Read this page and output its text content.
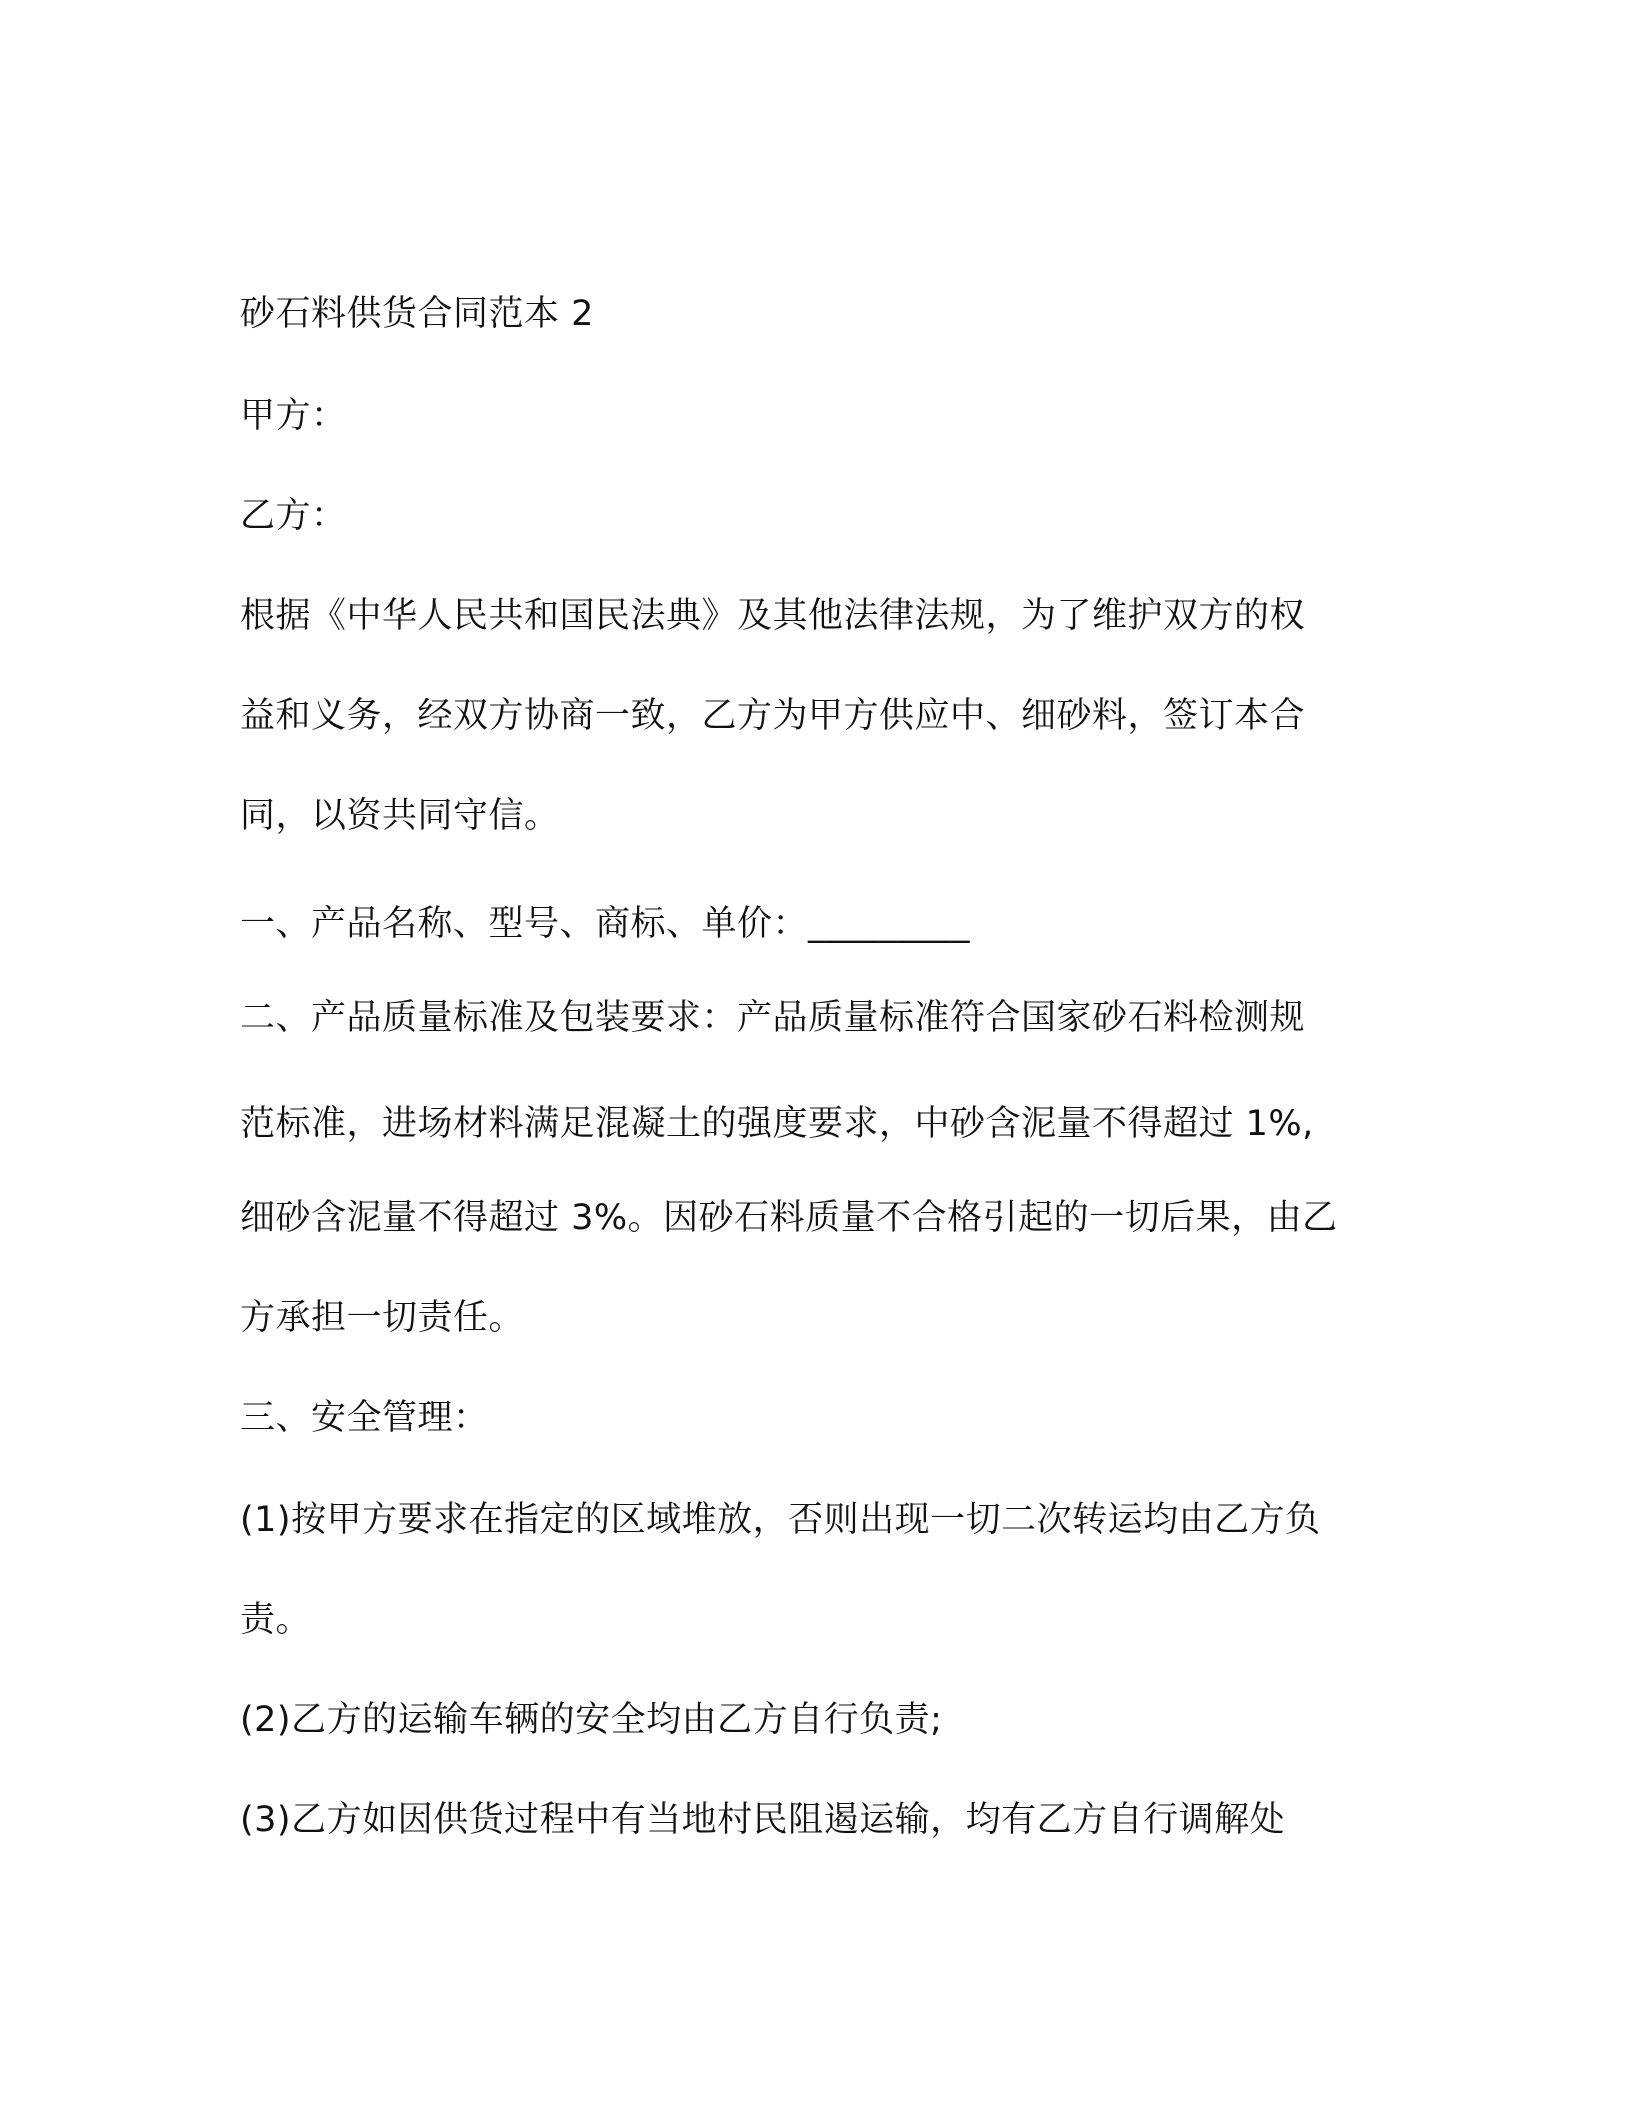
砂石料供货合同范本 2
甲方：
乙方：
根据《中华人民共和国民法典》及其他法律法规，为了维护双方的权
益和义务，经双方协商一致，乙方为甲方供应中、细砂料，签订本合
同，以资共同守信。
一、产品名称、型号、商标、单价：_________
二、产品质量标准及包装要求：产品质量标准符合国家砂石料检测规
范标准，进场材料满足混凝土的强度要求，中砂含泥量不得超过 1%,
细砂含泥量不得超过 3%。因砂石料质量不合格引起的一切后果，由乙
方承担一切责任。
三、安全管理：
(1)按甲方要求在指定的区域堆放，否则出现一切二次转运均由乙方负
责。
(2)乙方的运输车辆的安全均由乙方自行负责;
(3)乙方如因供货过程中有当地村民阻遏运输，均有乙方自行调解处
